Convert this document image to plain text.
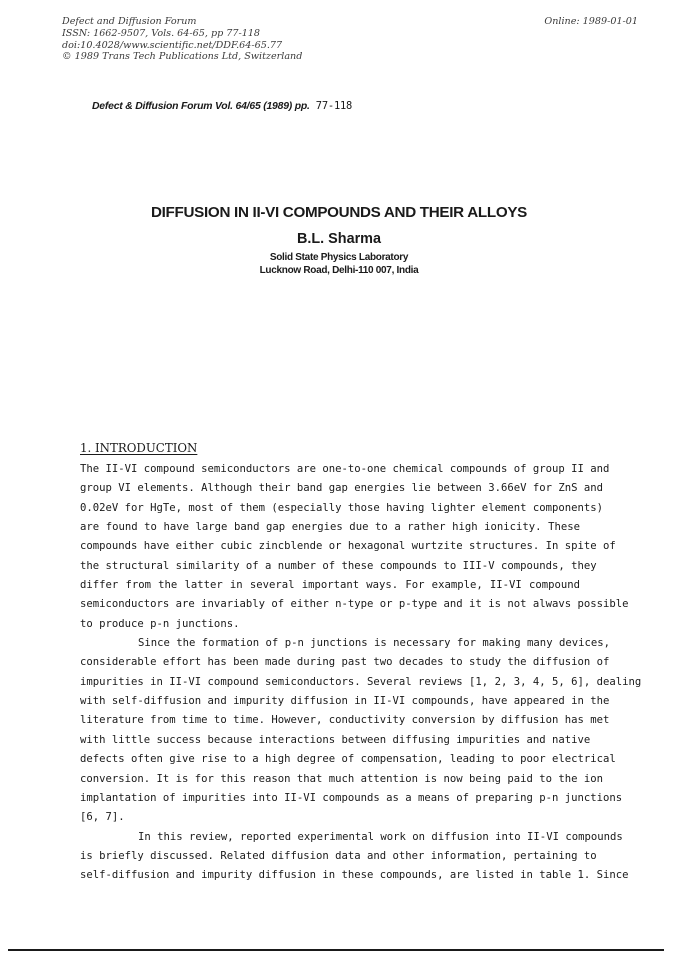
Defect and Diffusion Forum
ISSN: 1662-9507, Vols. 64-65, pp 77-118
doi:10.4028/www.scientific.net/DDF.64-65.77
© 1989 Trans Tech Publications Ltd, Switzerland
Online: 1989-01-01
Defect & Diffusion Forum Vol. 64/65 (1989) pp. 77-118
DIFFUSION IN II-VI COMPOUNDS AND THEIR ALLOYS
B.L. Sharma
Solid State Physics Laboratory
Lucknow Road, Delhi-110 007, India
1. INTRODUCTION
The II-VI compound semiconductors are one-to-one chemical compounds of group II and
group VI elements. Although their band gap energies lie between 3.66eV for ZnS and
0.02eV for HgTe, most of them (especially those having lighter element components)
are found to have large band gap energies due to a rather high ionicity. These
compounds have either cubic zincblende or hexagonal wurtzite structures. In spite of
the structural similarity of a number of these compounds to III-V compounds, they
differ from the latter in several important ways. For example, II-VI compound
semiconductors are invariably of either n-type or p-type and it is not alwavs possible
to produce p-n junctions.
Since the formation of p-n junctions is necessary for making many devices,
considerable effort has been made during past two decades to study the diffusion of
impurities in II-VI compound semiconductors. Several reviews [1, 2, 3, 4, 5, 6], dealing
with self-diffusion and impurity diffusion in II-VI compounds, have appeared in the
literature from time to time. However, conductivity conversion by diffusion has met
with little success because interactions between diffusing impurities and native
defects often give rise to a high degree of compensation, leading to poor electrical
conversion. It is for this reason that much attention is now being paid to the ion
implantation of impurities into II-VI compounds as a means of preparing p-n junctions
[6, 7].
In this review, reported experimental work on diffusion into II-VI compounds
is briefly discussed. Related diffusion data and other information, pertaining to
self-diffusion and impurity diffusion in these compounds, are listed in table 1. Since
